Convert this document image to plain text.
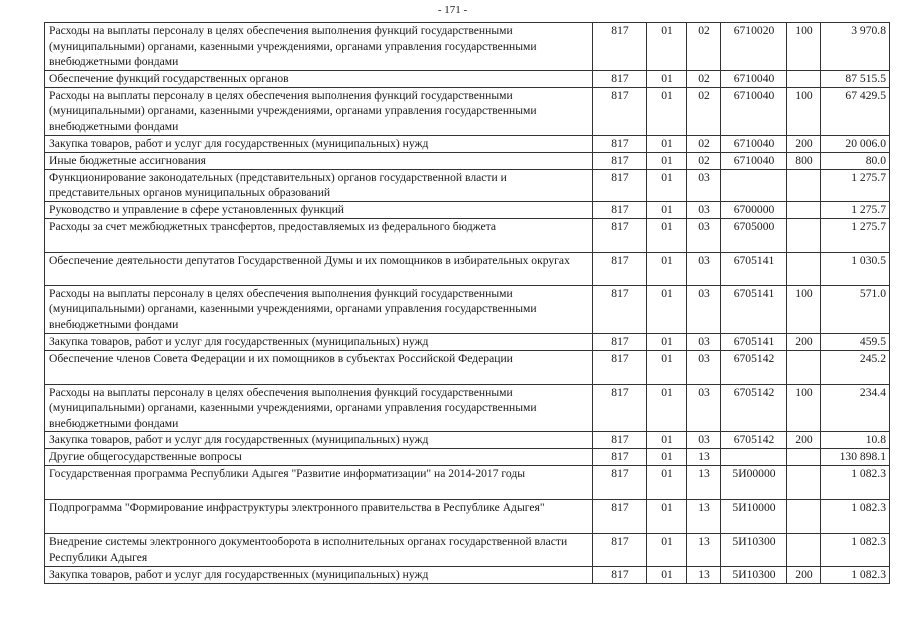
- 171 -
Расходы на выплаты персоналу в целях обеспечения выполнения функций государственными (муниципальными) органами, казенными учреждениями, органами управления государственными внебюджетными фондами	817	01	02	6710020	100	3 970.8
Обеспечение функций государственных органов	817	01	02	6710040		87 515.5
Расходы на выплаты персоналу в целях обеспечения выполнения функций государственными (муниципальными) органами, казенными учреждениями, органами управления государственными внебюджетными фондами	817	01	02	6710040	100	67 429.5
Закупка товаров, работ и услуг для государственных (муниципальных) нужд	817	01	02	6710040	200	20 006.0
Иные бюджетные ассигнования	817	01	02	6710040	800	80.0
Функционирование законодательных (представительных) органов государственной власти и представительных органов муниципальных образований	817	01	03			1 275.7
Руководство и управление в сфере установленных функций	817	01	03	6700000		1 275.7
Расходы за счет межбюджетных трансфертов, предоставляемых из федерального бюджета	817	01	03	6705000		1 275.7
Обеспечение деятельности депутатов Государственной Думы и их помощников в избирательных округах	817	01	03	6705141		1 030.5
Расходы на выплаты персоналу в целях обеспечения выполнения функций государственными (муниципальными) органами, казенными учреждениями, органами управления государственными внебюджетными фондами	817	01	03	6705141	100	571.0
Закупка товаров, работ и услуг для государственных (муниципальных) нужд	817	01	03	6705141	200	459.5
Обеспечение членов Совета Федерации и их помощников в субъектах Российской Федерации	817	01	03	6705142		245.2
Расходы на выплаты персоналу в целях обеспечения выполнения функций государственными (муниципальными) органами, казенными учреждениями, органами управления государственными внебюджетными фондами	817	01	03	6705142	100	234.4
Закупка товаров, работ и услуг для государственных (муниципальных) нужд	817	01	03	6705142	200	10.8
Другие общегосударственные вопросы	817	01	13			130 898.1
Государственная программа Республики Адыгея "Развитие информатизации" на 2014-2017 годы	817	01	13	5И00000		1 082.3
Подпрограмма "Формирование инфраструктуры электронного правительства в Республике Адыгея"	817	01	13	5И10000		1 082.3
Внедрение системы электронного документооборота в исполнительных органах государственной власти Республики Адыгея	817	01	13	5И10300		1 082.3
Закупка товаров, работ и услуг для государственных (муниципальных) нужд	817	01	13	5И10300	200	1 082.3
